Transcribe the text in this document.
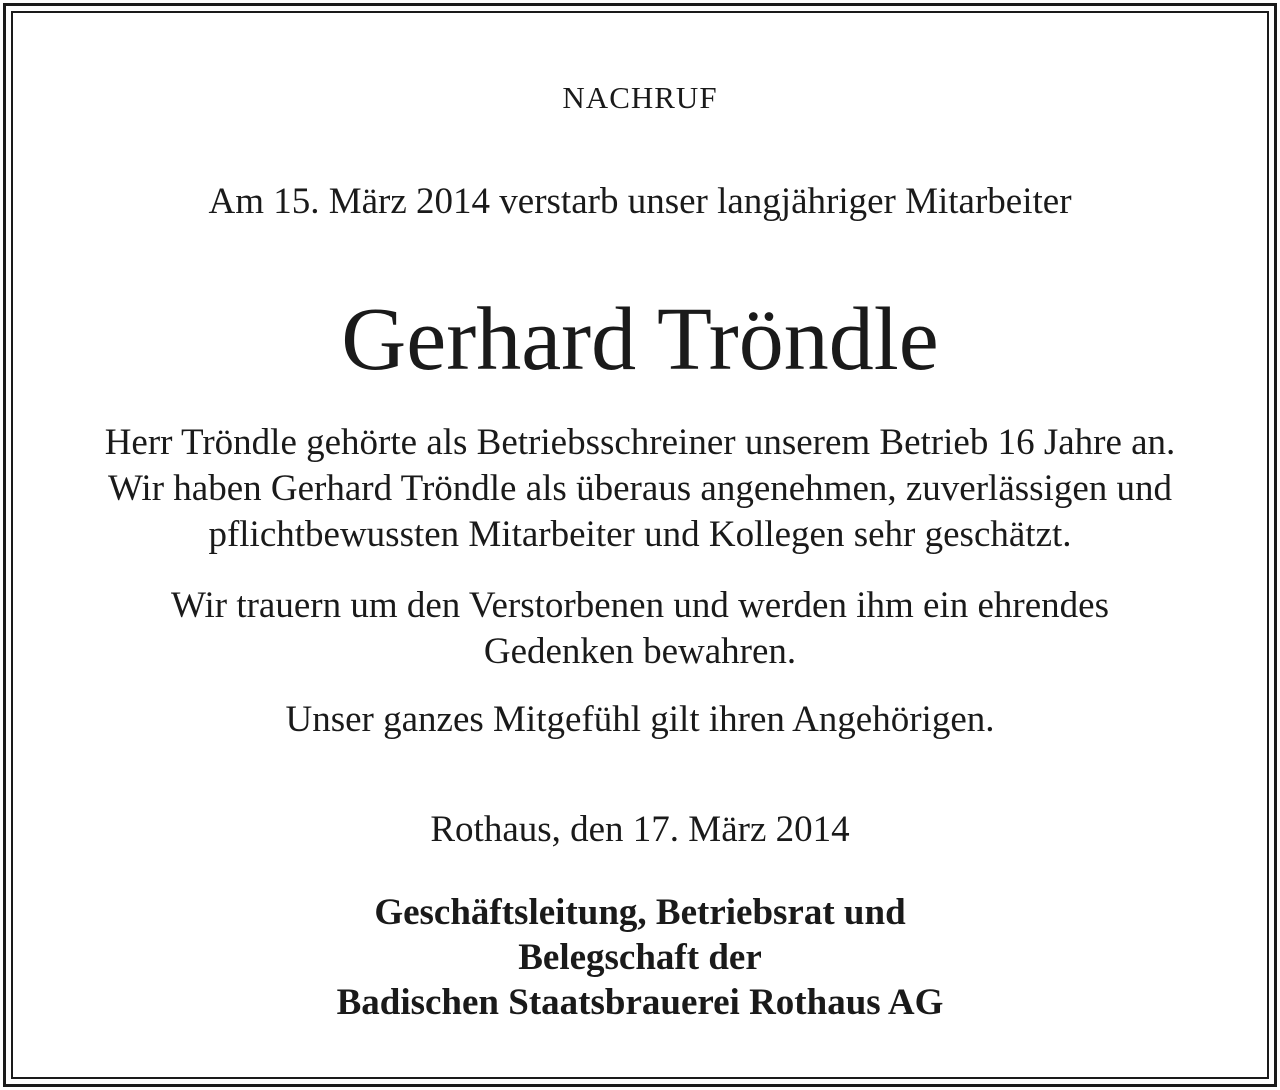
NACHRUF
Am 15. März 2014 verstarb unser langjähriger Mitarbeiter
Gerhard Tröndle
Herr Tröndle gehörte als Betriebsschreiner unserem Betrieb 16 Jahre an.
Wir haben Gerhard Tröndle als überaus angenehmen, zuverlässigen und
pflichtbewussten Mitarbeiter und Kollegen sehr geschätzt.
Wir trauern um den Verstorbenen und werden ihm ein ehrendes
Gedenken bewahren.
Unser ganzes Mitgefühl gilt ihren Angehörigen.
Rothaus, den 17. März 2014
Geschäftsleitung, Betriebsrat und
Belegschaft der
Badischen Staatsbrauerei Rothaus AG
